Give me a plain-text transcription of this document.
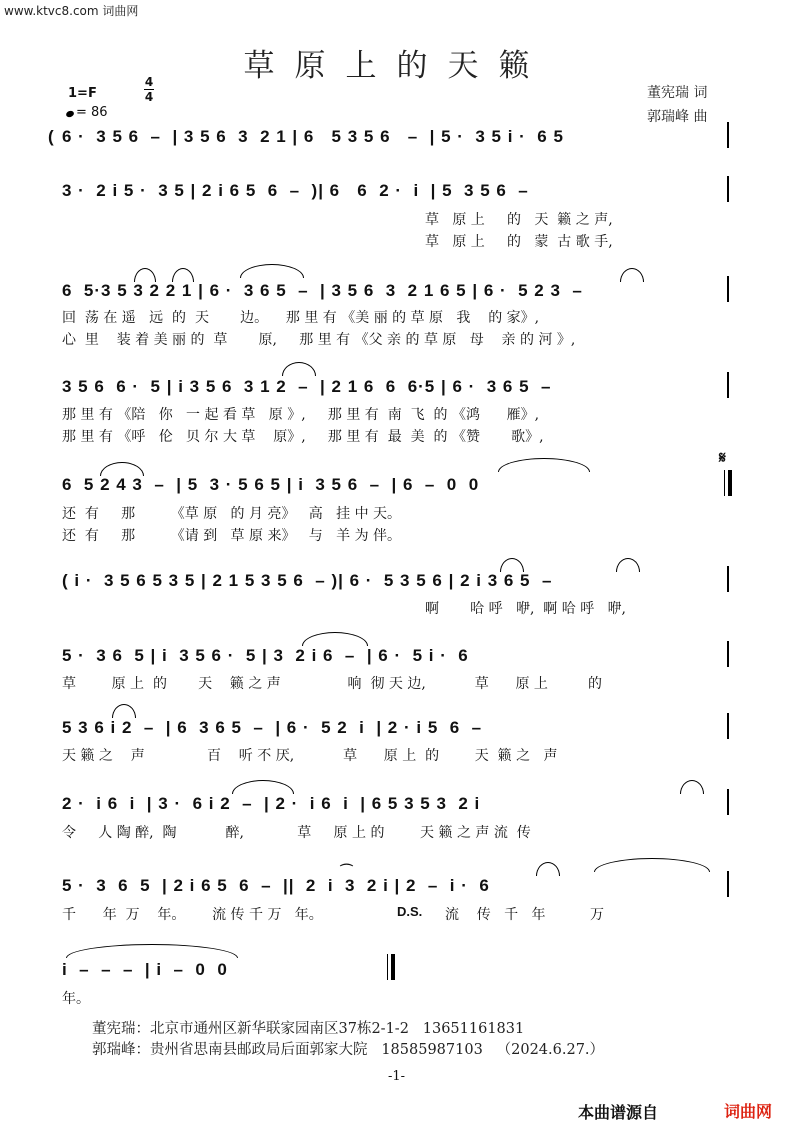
www.ktvc8.com 词曲网
草原上的天籁
1=F
4
4
= 86
董宪瑞 词
郭瑞峰 曲
( 6 ·  3 5 6  –  | 3 5 6  3  2 1 | 6   5 3 5 6   –  | 5 ·  3 5 i ·  6 5
3 ·  2 i 5 ·  3 5 | 2 i 6 5  6  –  )| 6   6  2 ·  i  | 5  3 5 6  –
草   原 上     的   天  籁 之 声,
草   原 上     的   蒙  古 歌 手,
6  5·3 5 3 2 2 1 | 6 ·  3 6 5  –  | 3 5 6  3  2 1 6 5 | 6 ·  5 2 3  –
回  荡 在 遥   远  的  天       边。    那 里 有 《美 丽 的 草 原   我    的 家》,
心  里    装 着 美 丽 的  草       原,     那 里 有 《父 亲 的 草 原   母    亲 的 河 》,
3 5 6  6 ·  5 | i 3 5 6  3 1 2  –  | 2 1 6  6  6·5 | 6 ·  3 6 5  –
那 里 有 《陪   你   一 起 看 草   原 》,     那 里 有  南  飞  的 《鸿      雁》,
那 里 有 《呼   伦   贝 尔 大 草    原》,     那 里 有  最  美  的 《赞       歌》,
6  5 2 4 3  –  | 5  3 · 5 6 5 | i  3 5 6  –  | 6  –  0  0
𝄋
还  有     那        《草 原   的 月 亮》   高   挂 中 天。
还  有     那        《请 到   草 原 来》   与   羊 为 伴。
( i ·  3 5 6 5 3 5 | 2 1 5 3 5 6  – )| 6 ·  5 3 5 6 | 2 i 3 6 5  –
啊       哈 呼   咿,  啊 哈 呼   咿,
5 ·  3 6  5 | i  3 5 6 ·  5 | 3  2 i 6  –  | 6 ·  5 i ·  6
草        原 上  的       天    籁 之 声               响  彻 天 边,           草      原 上         的
5 3 6 i 2  –  | 6  3 6 5  –  | 6 ·  5 2  i  | 2 · i 5  6  –
天 籁 之    声              百    听 不 厌,           草      原 上  的        天  籁 之   声
2 ·  i 6  i  | 3 ·  6 i 2  –  | 2 ·  i 6  i  | 6 5 3 5 3  2 i
令     人 陶 醉,  陶           醉,            草     原 上 的        天 籁 之 声 流  传
5 ·  3  6  5  | 2 i 6 5  6  –  ||  2  i  3  2 i | 2  –  i ·  6
⌒
千      年  万    年。      流 传 千 万   年。	D.S. 流    传   千   年          万
i  –  –  –  | i  –  0  0
年。
董宪瑞：北京市通州区新华联家园南区37栋2-1-2   13651161831
郭瑞峰：贵州省思南县邮政局后面郭家大院   18585987103   （2024.6.27.）
-1-
本曲谱源自	词曲网
